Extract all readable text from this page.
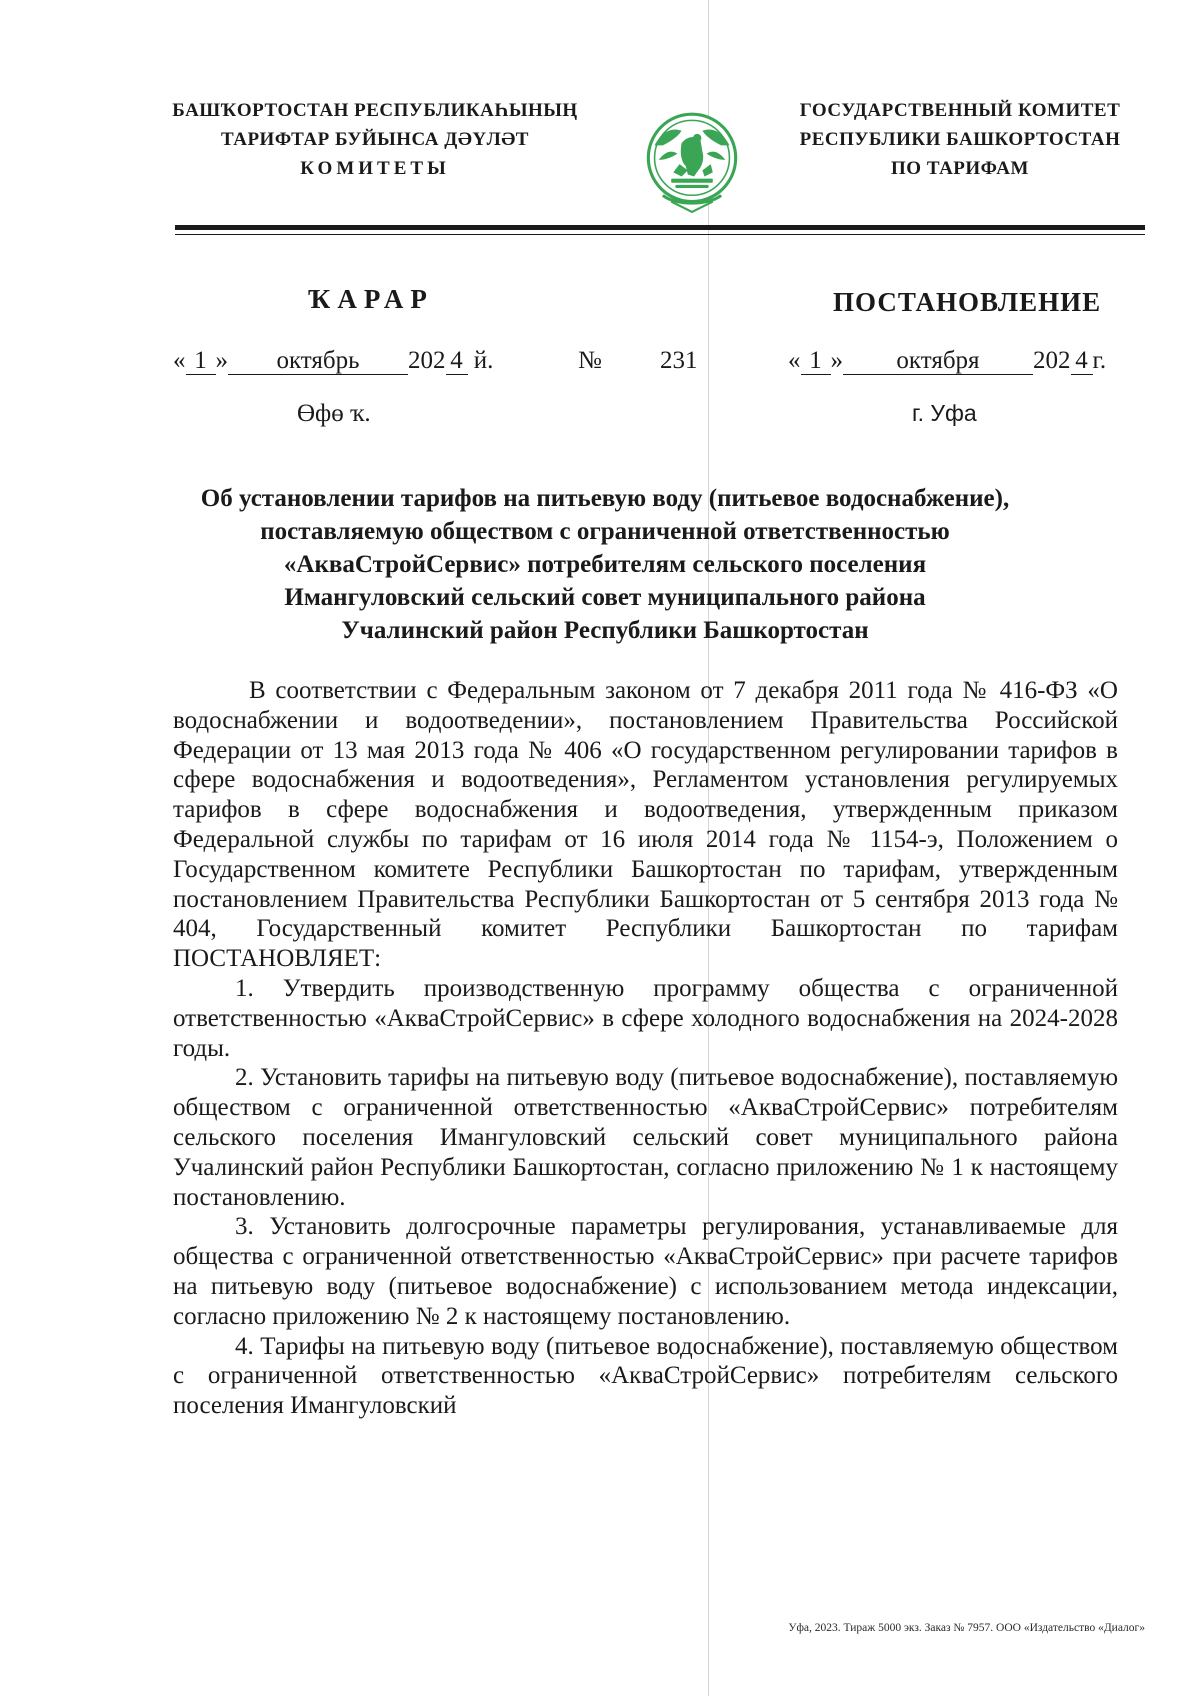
БАШҠОРТОСТАН РЕСПУБЛИКАҺЫНЫҢ
ТАРИФТАР БУЙЫНСА ДӘҮЛӘТ
КОМИТЕТЫ
ГОСУДАРСТВЕННЫЙ КОМИТЕТ
РЕСПУБЛИКИ БАШКОРТОСТАН
ПО ТАРИФАМ
ҠАРАР	ПОСТАНОВЛЕНИЕ
« 1 » октябрь 202 4 й.	№ 231	« 1 » октября 202 4 г.
Өфө ҡ.	г. Уфа
Об установлении тарифов на питьевую воду (питьевое водоснабжение),
поставляемую обществом с ограниченной ответственностью
«АкваСтройСервис» потребителям сельского поселения
Имангуловский сельский совет муниципального района
Учалинский район Республики Башкортостан

В соответствии с Федеральным законом от 7 декабря 2011 года № 416-ФЗ «О водоснабжении и водоотведении», постановлением Правительства Российской Федерации от 13 мая 2013 года № 406 «О государственном регулировании тарифов в сфере водоснабжения и водоотведения», Регламентом установления регулируемых тарифов в сфере водоснабжения и водоотведения, утвержденным приказом Федеральной службы по тарифам от 16 июля 2014 года № 1154-э, Положением о Государственном комитете Республики Башкортостан по тарифам, утвержденным постановлением Правительства Республики Башкортостан от 5 сентября 2013 года № 404, Государственный комитет Республики Башкортостан по тарифам ПОСТАНОВЛЯЕТ:

1. Утвердить производственную программу общества с ограниченной ответственностью «АкваСтройСервис» в сфере холодного водоснабжения на 2024-2028 годы.

2. Установить тарифы на питьевую воду (питьевое водоснабжение), поставляемую обществом с ограниченной ответственностью «АкваСтройСервис» потребителям сельского поселения Имангуловский сельский совет муниципального района Учалинский район Республики Башкортостан, согласно приложению № 1 к настоящему постановлению.

3. Установить долгосрочные параметры регулирования, устанавливаемые для общества с ограниченной ответственностью «АкваСтройСервис» при расчете тарифов на питьевую воду (питьевое водоснабжение) с использованием метода индексации, согласно приложению № 2 к настоящему постановлению.

4. Тарифы на питьевую воду (питьевое водоснабжение), поставляемую обществом с ограниченной ответственностью «АкваСтройСервис» потребителям сельского поселения Имангуловский

Уфа, 2023. Тираж 5000 экз. Заказ № 7957. ООО «Издательство «Диалог»
